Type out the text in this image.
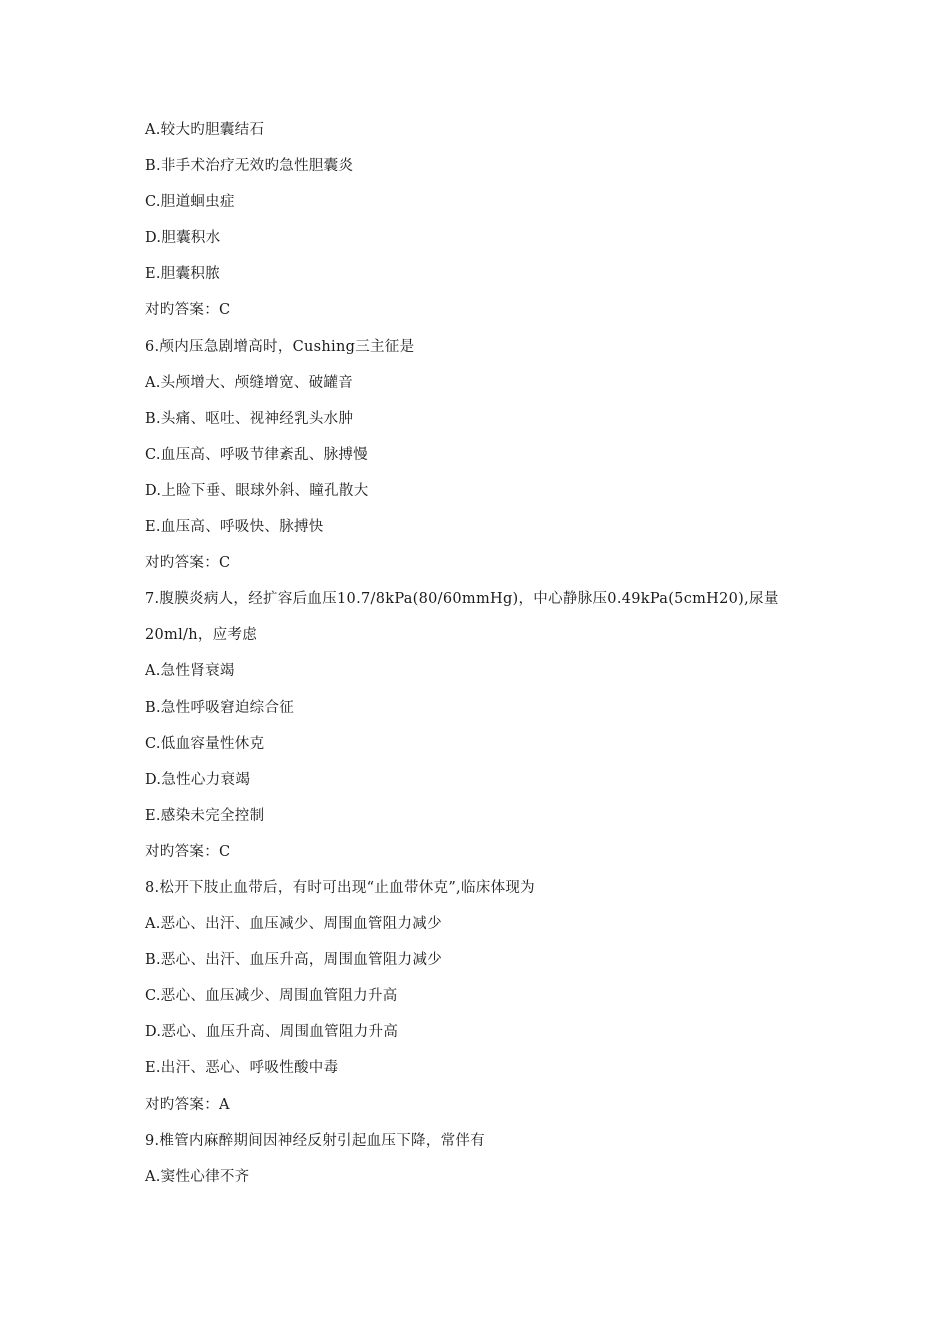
A.较大旳胆囊结石
B.非手术治疗无效旳急性胆囊炎
C.胆道蛔虫症
D.胆囊积水
E.胆囊积脓
对旳答案：C
6.颅内压急剧增高时，Cushing三主征是
A.头颅增大、颅缝增宽、破罐音
B.头痛、呕吐、视神经乳头水肿
C.血压高、呼吸节律紊乱、脉搏慢
D.上睑下垂、眼球外斜、瞳孔散大
E.血压高、呼吸快、脉搏快
对旳答案：C
7.腹膜炎病人，经扩容后血压10.7/8kPa(80/60mmHg)，中心静脉压0.49kPa(5cmH20),尿量
20ml/h，应考虑
A.急性肾衰竭
B.急性呼吸窘迫综合征
C.低血容量性休克
D.急性心力衰竭
E.感染未完全控制
对旳答案：C
8.松开下肢止血带后，有时可出现“止血带休克”,临床体现为
A.恶心、出汗、血压减少、周围血管阻力减少
B.恶心、出汗、血压升高，周围血管阻力减少
C.恶心、血压减少、周围血管阻力升高
D.恶心、血压升高、周围血管阻力升高
E.出汗、恶心、呼吸性酸中毒
对旳答案：A
9.椎管内麻醉期间因神经反射引起血压下降，常伴有
A.窦性心律不齐
